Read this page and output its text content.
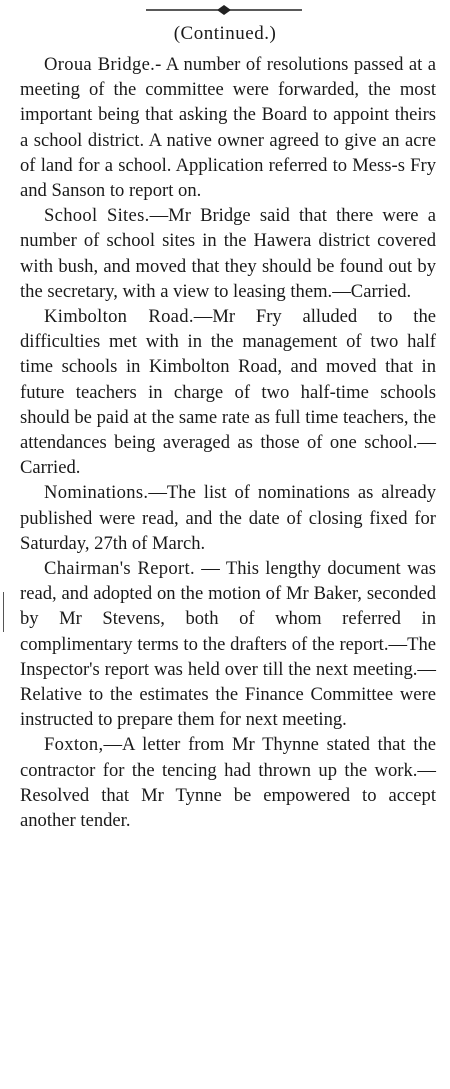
(Continued.)

Oroua Bridge.- A number of resolutions passed at a meeting of the committee were forwarded, the most important being that asking the Board to appoint theirs a school district. A native owner agreed to give an acre of land for a school. Application referred to Mess-s Fry and Sanson to report on.

School Sites.—Mr Bridge said that there were a number of school sites in the Hawera district covered with bush, and moved that they should be found out by the secretary, with a view to leasing them.—Carried.

Kimbolton Road.—Mr Fry alluded to the difficulties met with in the management of two half time schools in Kimbolton Road, and moved that in future teachers in charge of two half-time schools should be paid at the same rate as full time teachers, the attendances being averaged as those of one school.—Carried.

Nominations.—The list of nominations as already published were read, and the date of closing fixed for Saturday, 27th of March.

Chairman's Report. — This lengthy document was read, and adopted on the motion of Mr Baker, seconded by Mr Stevens, both of whom referred in complimentary terms to the drafters of the report.—The Inspector's report was held over till the next meeting.—Relative to the estimates the Finance Committee were instructed to prepare them for next meeting.

Foxton,—A letter from Mr Thynne stated that the contractor for the tencing had thrown up the work.—Resolved that Mr Tynne be empowered to accept another tender.
